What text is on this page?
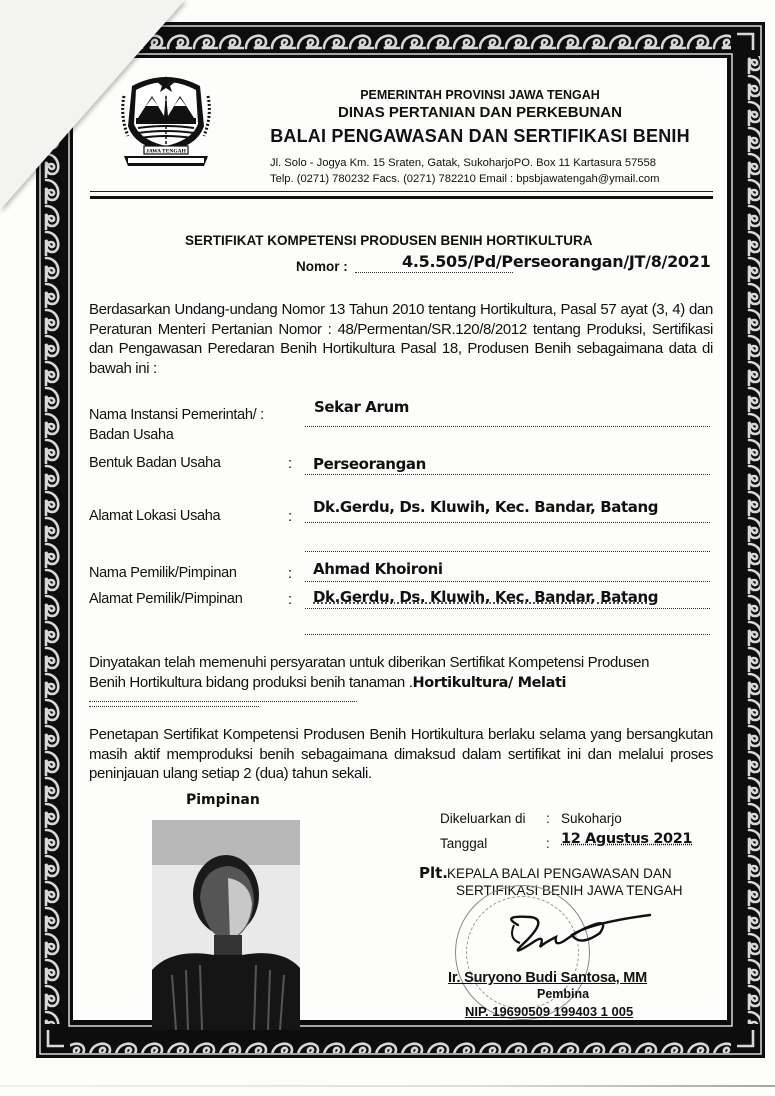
JAWA TENGAH
PEMERINTAH PROVINSI JAWA TENGAH
DINAS PERTANIAN DAN PERKEBUNAN
BALAI PENGAWASAN DAN SERTIFIKASI BENIH
Jl. Solo - Jogya Km. 15 Sraten, Gatak, SukoharjoPO. Box 11 Kartasura 57558
Telp. (0271) 780232 Facs. (0271) 782210 Email : bpsbjawatengah@ymail.com
SERTIFIKAT KOMPETENSI PRODUSEN BENIH HORTIKULTURA
Nomor :	4.5.505/Pd/Perseorangan/JT/8/2021
Berdasarkan Undang-undang Nomor 13 Tahun 2010 tentang Hortikultura, Pasal 57 ayat (3, 4) dan Peraturan Menteri Pertanian Nomor : 48/Permentan/SR.120/8/2012 tentang Produksi, Sertifikasi dan Pengawasan Peredaran Benih Hortikultura Pasal 18, Produsen Benih sebagaimana data di bawah ini :
Nama Instansi Pemerintah/ :
Badan Usaha
Sekar Arum
Bentuk Badan Usaha	: Perseorangan
Alamat Lokasi Usaha	:
Dk.Gerdu, Ds. Kluwih, Kec. Bandar, Batang
Nama Pemilik/Pimpinan	: Ahmad Khoironi
Alamat Pemilik/Pimpinan	: Dk.Gerdu, Ds. Kluwih, Kec. Bandar, Batang
Dinyatakan telah memenuhi persyaratan untuk diberikan Sertifikat Kompetensi Produsen
Benih Hortikultura bidang produksi benih tanaman .Hortikultura/ Melati
Penetapan Sertifikat Kompetensi Produsen Benih Hortikultura berlaku selama yang bersangkutan masih aktif memproduksi benih sebagaimana dimaksud dalam sertifikat ini dan melalui proses peninjauan ulang setiap 2 (dua) tahun sekali.
Pimpinan
Dikeluarkan di : Sukoharjo
Tanggal	: 12 Agustus 2021
Plt.
KEPALA BALAI PENGAWASAN DAN
SERTIFIKASI BENIH JAWA TENGAH
Ir. Suryono Budi Santosa, MM
Pembina
NIP. 19690509 199403 1 005
